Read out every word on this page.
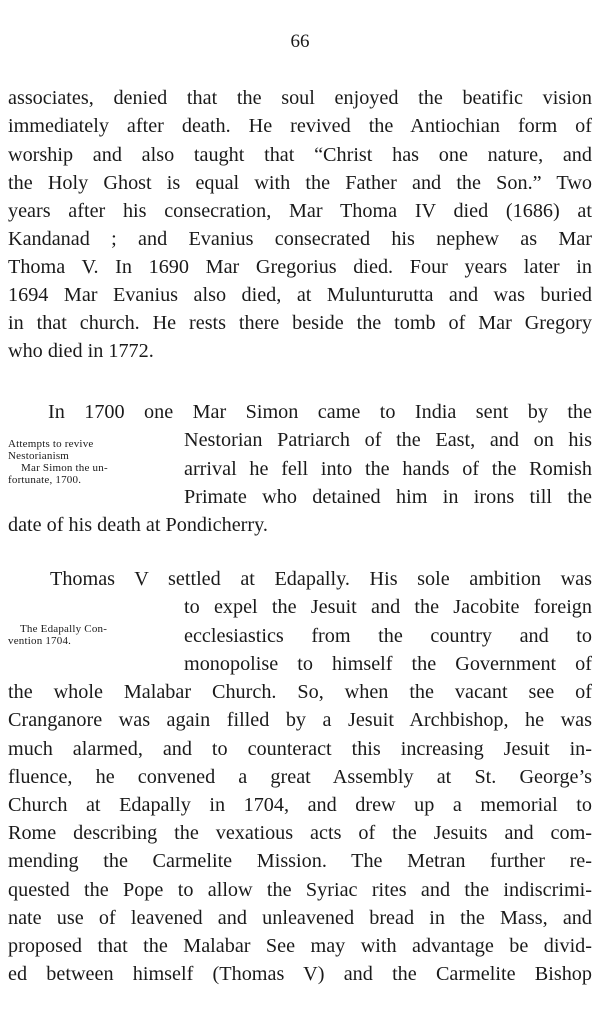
66
associates, denied that the soul enjoyed the beatific vision
immediately after death. He revived the Antiochian form of
worship and also taught that “Christ has one nature, and
the Holy Ghost is equal with the Father and the Son.” Two
years after his consecration, Mar Thoma IV died (1686) at
Kandanad ; and Evanius consecrated his nephew as Mar
Thoma V. In 1690 Mar Gregorius died. Four years later in
1694 Mar Evanius also died, at Mulunturutta and was buried
in that church. He rests there beside the tomb of Mar Gregory
who died in 1772.
In 1700 one Mar Simon came to India sent by the
Nestorian Patriarch of the East, and on his
arrival he fell into the hands of the Romish
Primate who detained him in irons till the
date of his death at Pondicherry.
Attempts to revive
Nestorianism
Mar Simon the un-
fortunate, 1700.
Thomas V settled at Edapally. His sole ambition was
to expel the Jesuit and the Jacobite foreign
ecclesiastics from the country and to
monopolise to himself the Government of
the whole Malabar Church. So, when the vacant see of
Cranganore was again filled by a Jesuit Archbishop, he was
much alarmed, and to counteract this increasing Jesuit in-
fluence, he convened a great Assembly at St. George’s
Church at Edapally in 1704, and drew up a memorial to
Rome describing the vexatious acts of the Jesuits and com-
mending the Carmelite Mission. The Metran further re-
quested the Pope to allow the Syriac rites and the indiscrimi-
nate use of leavened and unleavened bread in the Mass, and
proposed that the Malabar See may with advantage be divid-
ed between himself (Thomas V) and the Carmelite Bishop
The Edapally Con-
vention 1704.
